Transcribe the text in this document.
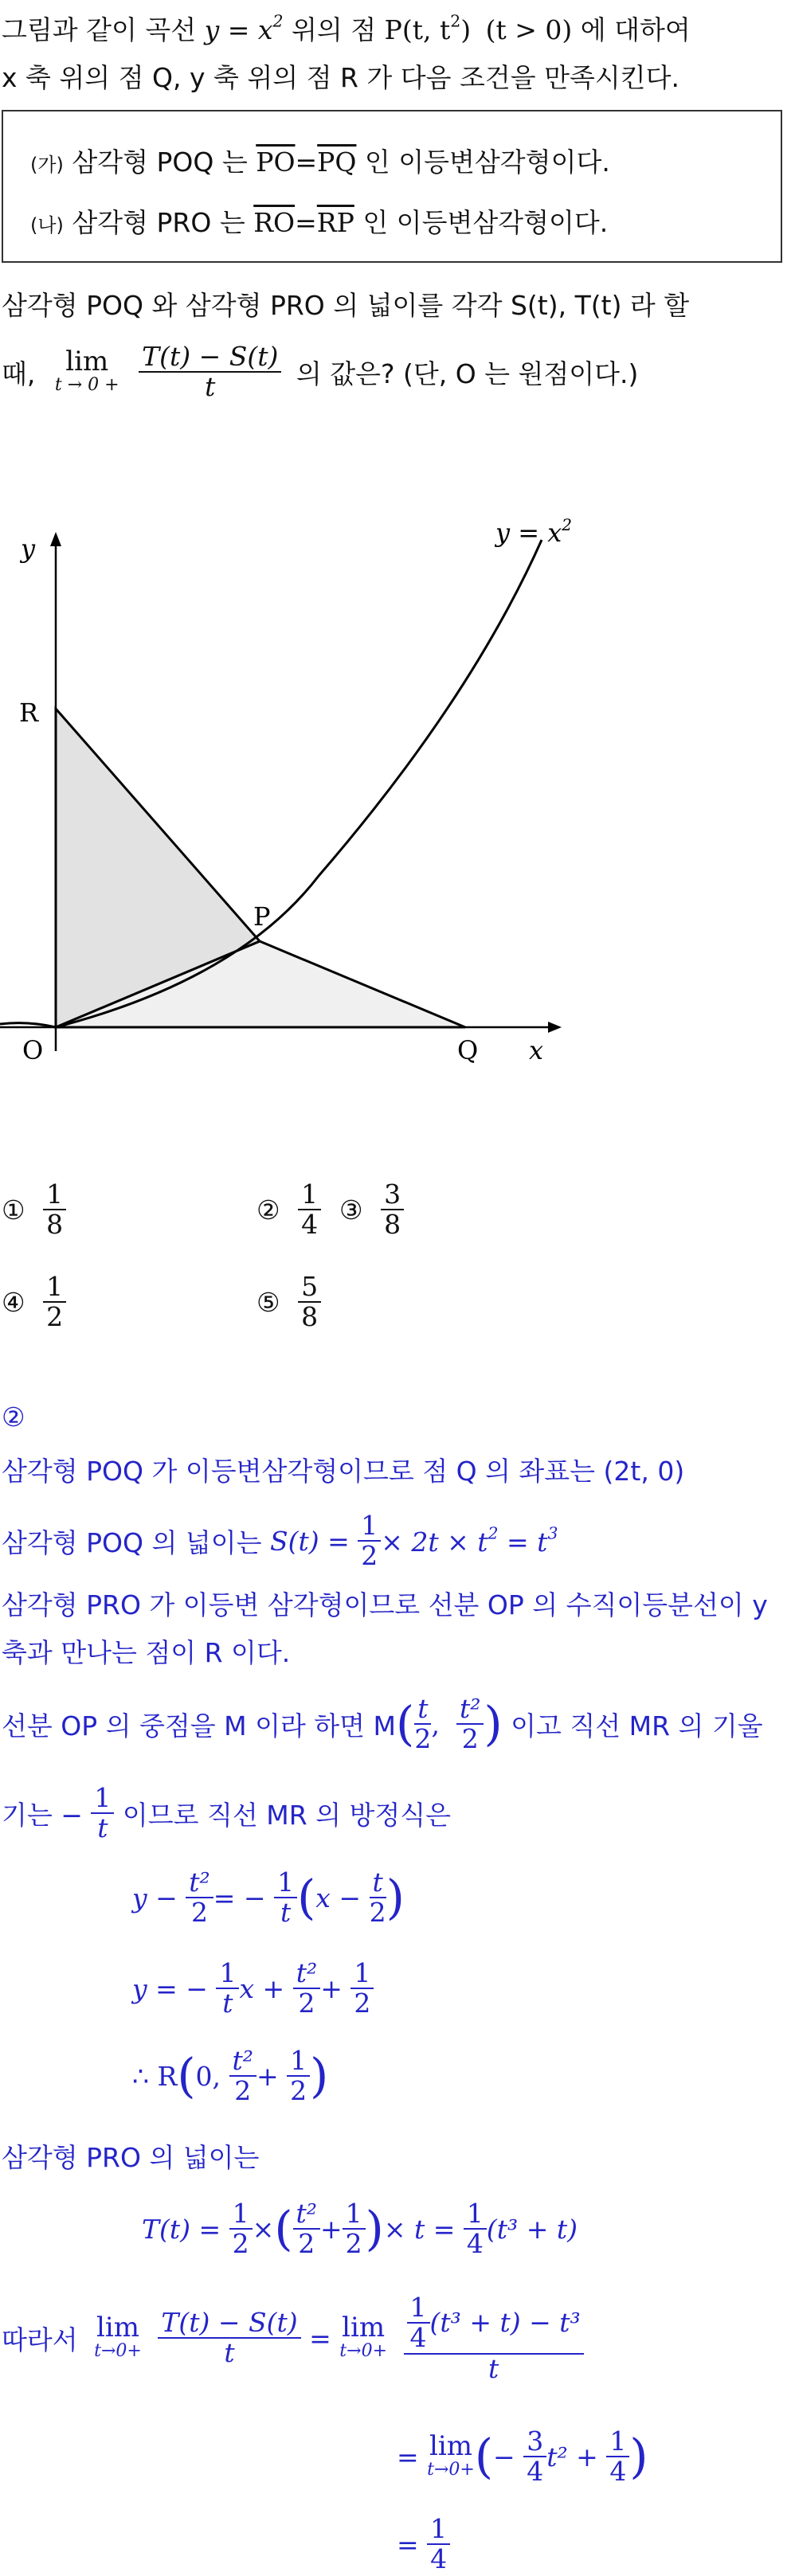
그림과 같이 곡선 $y = x^2$ 위의 점 P(t, $t^2$) (t > 0) 에 대하여
x 축 위의 점 Q, y 축 위의 점 R 가 다음 조건을 만족시킨다.
(가) 삼각형 POQ 는 $\overline{PO}=\overline{PQ}$ 인 이등변삼각형이다.
(나) 삼각형 PRO 는 $\overline{RO}=\overline{RP}$ 인 이등변삼각형이다.
삼각형 POQ 와 삼각형 PRO 의 넓이를 각각 S(t), T(t) 라 할
때,	lim
t → 0 +
$\frac{T(t) - S(t)}{t}$ 의 값은? (단, O 는 원점이다.)
$y = x^2$
y
x
R
P
O	Q
① $\frac{1}{8}$	② $\frac{1}{4}$ ③ $\frac{3}{8}$
④ $\frac{1}{2}$	⑤ $\frac{5}{8}$
②
삼각형 POQ 가 이등변삼각형이므로 점 Q 의 좌표는 (2t, 0)
삼각형 POQ 의 넓이는 $S(t) = \frac{1}{2} \times 2t \times t^2 = t^3$
삼각형 PRO 가 이등변 삼각형이므로 선분 OP 의 수직이등분선이 y
축과 만나는 점이 R 이다.
선분 OP 의 중점을 M 이라 하면 $M( \frac{t}{2}$ , $\frac{\text{t²}}{2}$ ) 이고 직선 MR 의 기울
기는 − $\frac{1}{t}$ 이므로 직선 MR 의 방정식은
$y - \frac{\text{t²}}{2}$ = − $\frac{1}{t} (x - \frac{t}{2}$ )
y = − $\frac{1}{t}$ $x + \frac{\text{t²}}{2} + \frac{1}{2}$
∴ R(0, $\frac{\text{t²}}{2} + \frac{1}{2}$ )
삼각형 PRO 의 넓이는
$T(t) = \frac{1}{2}$ ×( $\frac{\text{t²}}{2} + \frac{1}{2}$ )× $t = \frac{1}{4} (t^3 + t)$
따라서 lim
t→0+
$\frac{T(t) - S(t)}{t} = \lim$
t→0+
$\frac{\frac{1}{4} (t^3 + t) - t^3}{t}$
= lim
t→0+ (− $\frac{3}{4} t^2 + \frac{1}{4}$ )
= $\frac{1}{4}$
